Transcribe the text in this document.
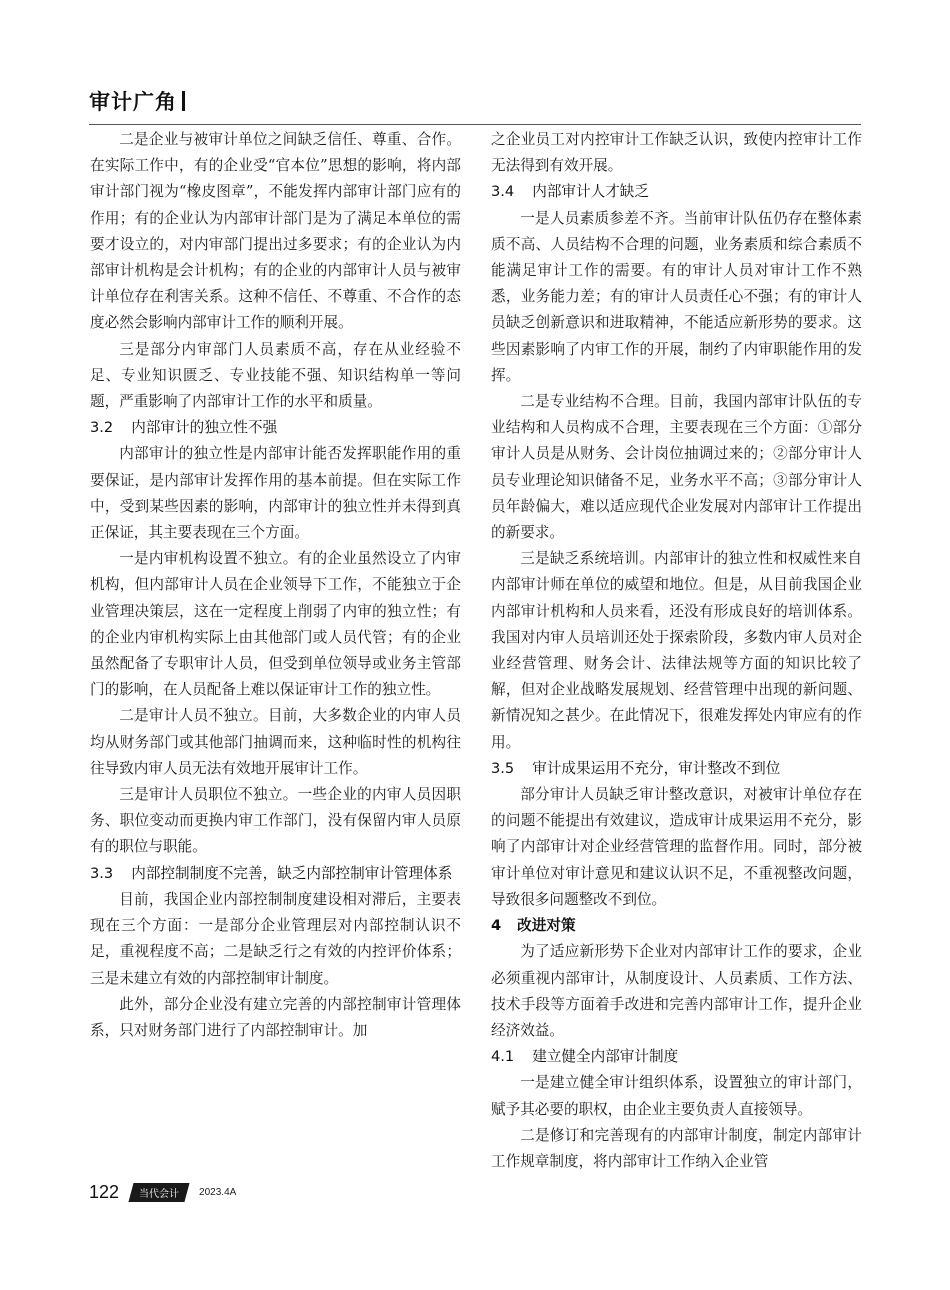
审计广角

二是企业与被审计单位之间缺乏信任、尊重、合作。在实际工作中，有的企业受“官本位”思想的影响，将内部审计部门视为“橡皮图章”，不能发挥内部审计部门应有的作用；有的企业认为内部审计部门是为了满足本单位的需要才设立的，对内审部门提出过多要求；有的企业认为内部审计机构是会计机构；有的企业的内部审计人员与被审计单位存在利害关系。这种不信任、不尊重、不合作的态度必然会影响内部审计工作的顺利开展。

三是部分内审部门人员素质不高，存在从业经验不足、专业知识匮乏、专业技能不强、知识结构单一等问题，严重影响了内部审计工作的水平和质量。

3.2 内部审计的独立性不强

内部审计的独立性是内部审计能否发挥职能作用的重要保证，是内部审计发挥作用的基本前提。但在实际工作中，受到某些因素的影响，内部审计的独立性并未得到真正保证，其主要表现在三个方面。

一是内审机构设置不独立。有的企业虽然设立了内审机构，但内部审计人员在企业领导下工作，不能独立于企业管理决策层，这在一定程度上削弱了内审的独立性；有的企业内审机构实际上由其他部门或人员代管；有的企业虽然配备了专职审计人员，但受到单位领导或业务主管部门的影响，在人员配备上难以保证审计工作的独立性。

二是审计人员不独立。目前，大多数企业的内审人员均从财务部门或其他部门抽调而来，这种临时性的机构往往导致内审人员无法有效地开展审计工作。

三是审计人员职位不独立。一些企业的内审人员因职务、职位变动而更换内审工作部门，没有保留内审人员原有的职位与职能。

3.3 内部控制制度不完善，缺乏内部控制审计管理体系

目前，我国企业内部控制制度建设相对滞后，主要表现在三个方面：一是部分企业管理层对内部控制认识不足，重视程度不高；二是缺乏行之有效的内控评价体系；三是未建立有效的内部控制审计制度。

此外，部分企业没有建立完善的内部控制审计管理体系，只对财务部门进行了内部控制审计。加

之企业员工对内控审计工作缺乏认识，致使内控审计工作无法得到有效开展。

3.4 内部审计人才缺乏

一是人员素质参差不齐。当前审计队伍仍存在整体素质不高、人员结构不合理的问题，业务素质和综合素质不能满足审计工作的需要。有的审计人员对审计工作不熟悉，业务能力差；有的审计人员责任心不强；有的审计人员缺乏创新意识和进取精神，不能适应新形势的要求。这些因素影响了内审工作的开展，制约了内审职能作用的发挥。

二是专业结构不合理。目前，我国内部审计队伍的专业结构和人员构成不合理，主要表现在三个方面：①部分审计人员是从财务、会计岗位抽调过来的；②部分审计人员专业理论知识储备不足，业务水平不高；③部分审计人员年龄偏大，难以适应现代企业发展对内部审计工作提出的新要求。

三是缺乏系统培训。内部审计的独立性和权威性来自内部审计师在单位的威望和地位。但是，从目前我国企业内部审计机构和人员来看，还没有形成良好的培训体系。我国对内审人员培训还处于探索阶段，多数内审人员对企业经营管理、财务会计、法律法规等方面的知识比较了解，但对企业战略发展规划、经营管理中出现的新问题、新情况知之甚少。在此情况下，很难发挥处内审应有的作用。

3.5 审计成果运用不充分，审计整改不到位

部分审计人员缺乏审计整改意识，对被审计单位存在的问题不能提出有效建议，造成审计成果运用不充分，影响了内部审计对企业经营管理的监督作用。同时，部分被审计单位对审计意见和建议认识不足，不重视整改问题，导致很多问题整改不到位。

4 改进对策

为了适应新形势下企业对内部审计工作的要求，企业必须重视内部审计，从制度设计、人员素质、工作方法、技术手段等方面着手改进和完善内部审计工作，提升企业经济效益。

4.1 建立健全内部审计制度

一是建立健全审计组织体系，设置独立的审计部门，赋予其必要的职权，由企业主要负责人直接领导。

二是修订和完善现有的内部审计制度，制定内部审计工作规章制度，将内部审计工作纳入企业管

122	当代会计	2023.4A
